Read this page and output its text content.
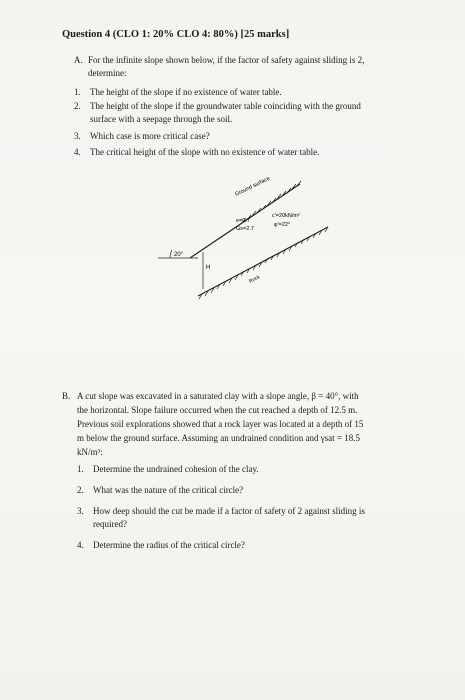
Question 4 (CLO 1: 20% CLO 4: 80%) [25 marks]
A. For the infinite slope shown below, if the factor of safety against sliding is 2,
determine:
1. The height of the slope if no existence of water table.
2. The height of the slope if the groundwater table coinciding with the ground
surface with a seepage through the soil.
3. Which case is more critical case?
4. The critical height of the slope with no existence of water table.
20°
H
Ground surface
e=0.7
Gs=2.7
c'=20kN/m²
φ'=22°
Rock
B. A cut slope was excavated in a saturated clay with a slope angle, β = 40°, with
the horizontal. Slope failure occurred when the cut reached a depth of 12.5 m.
Previous soil explorations showed that a rock layer was located at a depth of 15
m below the ground surface. Assuming an undrained condition and γsat = 18.5
kN/m³:
1. Determine the undrained cohesion of the clay.
2. What was the nature of the critical circle?
3. How deep should the cut be made if a factor of safety of 2 against sliding is
required?
4. Determine the radius of the critical circle?
